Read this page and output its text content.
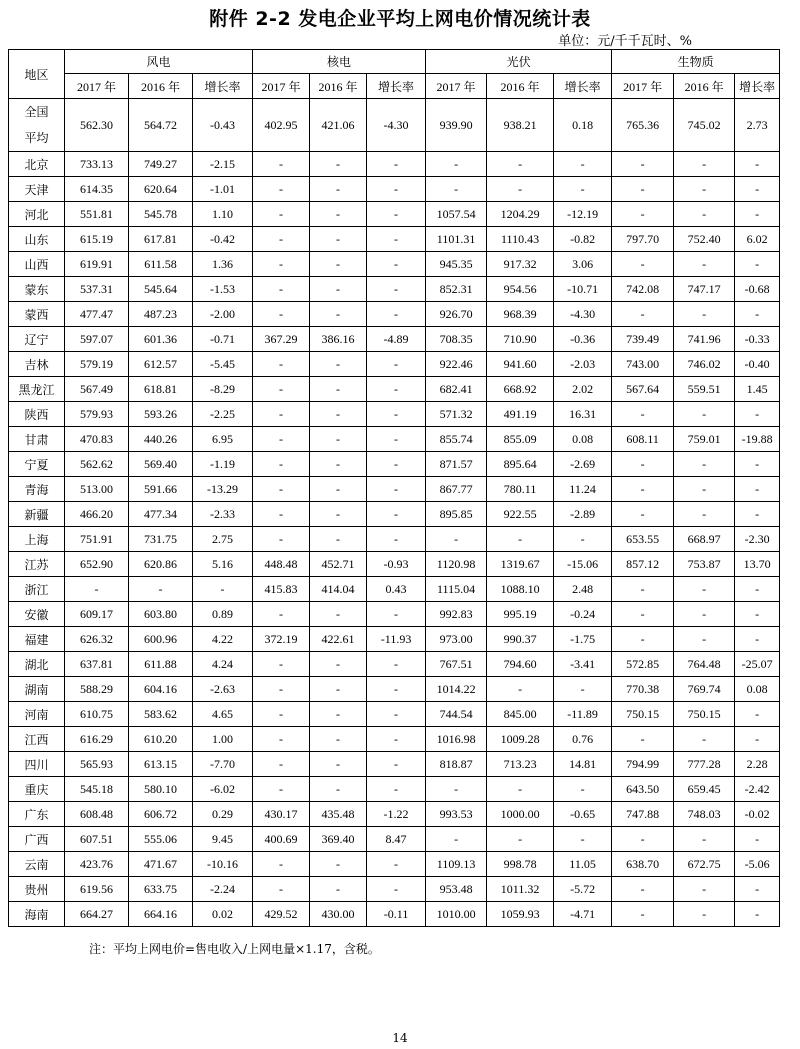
附件 2-2 发电企业平均上网电价情况统计表
单位：元/千千瓦时、%
地区	风电			核电			光伏			生物质		
	2017 年	2016 年	增长率	2017 年	2016 年	增长率	2017 年	2016 年	增长率	2017 年	2016 年	增长率

全国
平均	562.30	564.72	-0.43	402.95	421.06	-4.30	939.90	938.21	0.18	765.36	745.02	2.73
北京	733.13	749.27	-2.15	-	-	-	-	-	-	-	-	-
天津	614.35	620.64	-1.01	-	-	-	-	-	-	-	-	-
河北	551.81	545.78	1.10	-	-	-	1057.54	1204.29	-12.19	-	-	-
山东	615.19	617.81	-0.42	-	-	-	1101.31	1110.43	-0.82	797.70	752.40	6.02
山西	619.91	611.58	1.36	-	-	-	945.35	917.32	3.06	-	-	-
蒙东	537.31	545.64	-1.53	-	-	-	852.31	954.56	-10.71	742.08	747.17	-0.68
蒙西	477.47	487.23	-2.00	-	-	-	926.70	968.39	-4.30	-	-	-
辽宁	597.07	601.36	-0.71	367.29	386.16	-4.89	708.35	710.90	-0.36	739.49	741.96	-0.33
吉林	579.19	612.57	-5.45	-	-	-	922.46	941.60	-2.03	743.00	746.02	-0.40
黑龙江	567.49	618.81	-8.29	-	-	-	682.41	668.92	2.02	567.64	559.51	1.45
陕西	579.93	593.26	-2.25	-	-	-	571.32	491.19	16.31	-	-	-
甘肃	470.83	440.26	6.95	-	-	-	855.74	855.09	0.08	608.11	759.01	-19.88
宁夏	562.62	569.40	-1.19	-	-	-	871.57	895.64	-2.69	-	-	-
青海	513.00	591.66	-13.29	-	-	-	867.77	780.11	11.24	-	-	-
新疆	466.20	477.34	-2.33	-	-	-	895.85	922.55	-2.89	-	-	-
上海	751.91	731.75	2.75	-	-	-	-	-	-	653.55	668.97	-2.30
江苏	652.90	620.86	5.16	448.48	452.71	-0.93	1120.98	1319.67	-15.06	857.12	753.87	13.70
浙江	-	-	-	415.83	414.04	0.43	1115.04	1088.10	2.48	-	-	-
安徽	609.17	603.80	0.89	-	-	-	992.83	995.19	-0.24	-	-	-
福建	626.32	600.96	4.22	372.19	422.61	-11.93	973.00	990.37	-1.75	-	-	-
湖北	637.81	611.88	4.24	-	-	-	767.51	794.60	-3.41	572.85	764.48	-25.07
湖南	588.29	604.16	-2.63	-	-	-	1014.22	-	-	770.38	769.74	0.08
河南	610.75	583.62	4.65	-	-	-	744.54	845.00	-11.89	750.15	750.15	-
江西	616.29	610.20	1.00	-	-	-	1016.98	1009.28	0.76	-	-	-
四川	565.93	613.15	-7.70	-	-	-	818.87	713.23	14.81	794.99	777.28	2.28
重庆	545.18	580.10	-6.02	-	-	-	-	-	-	643.50	659.45	-2.42
广东	608.48	606.72	0.29	430.17	435.48	-1.22	993.53	1000.00	-0.65	747.88	748.03	-0.02
广西	607.51	555.06	9.45	400.69	369.40	8.47	-	-	-	-	-	-
云南	423.76	471.67	-10.16	-	-	-	1109.13	998.78	11.05	638.70	672.75	-5.06
贵州	619.56	633.75	-2.24	-	-	-	953.48	1011.32	-5.72	-	-	-
海南	664.27	664.16	0.02	429.52	430.00	-0.11	1010.00	1059.93	-4.71	-	-	-
注：平均上网电价=售电收入/上网电量×1.17，含税。
14
